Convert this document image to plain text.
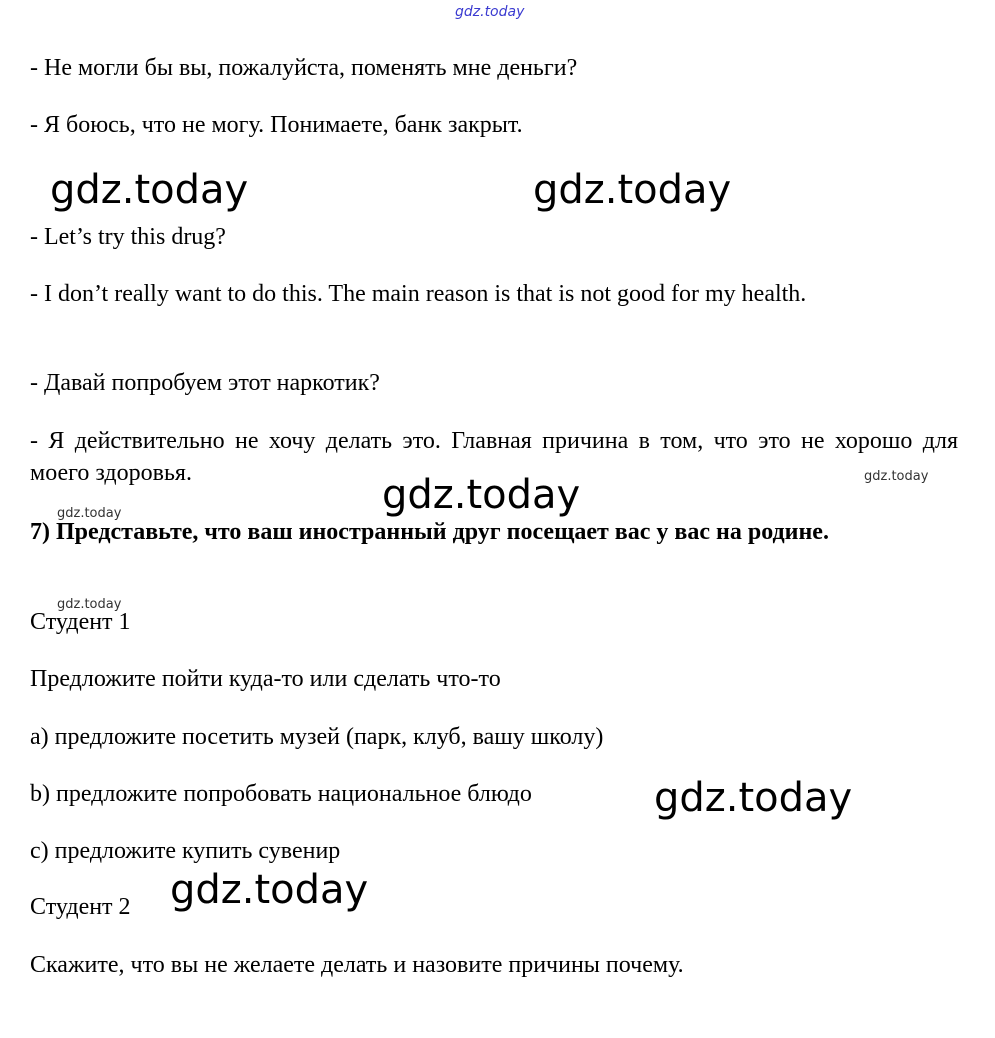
gdz.today

- Не могли бы вы, пожалуйста, поменять мне деньги?

- Я боюсь, что не могу. Понимаете, банк закрыт.

gdz.today	gdz.today

- Let’s try this drug?

- I don’t really want to do this. The main reason is that is not good for my health.

- Давай попробуем этот наркотик?

- Я действительно не хочу делать это. Главная причина в том, что это не хорошо для моего здоровья.	gdz.today	gdz.today
gdz.today

7) Представьте, что ваш иностранный друг посещает вас у вас на родине.

gdz.today

Студент 1

Предложите пойти куда-то или сделать что-то

a) предложите посетить музей (парк, клуб, вашу школу)

b) предложите попробовать национальное блюдо	gdz.today

c) предложите купить сувенир

Студент 2 gdz.today

Скажите, что вы не желаете делать и назовите причины почему.
